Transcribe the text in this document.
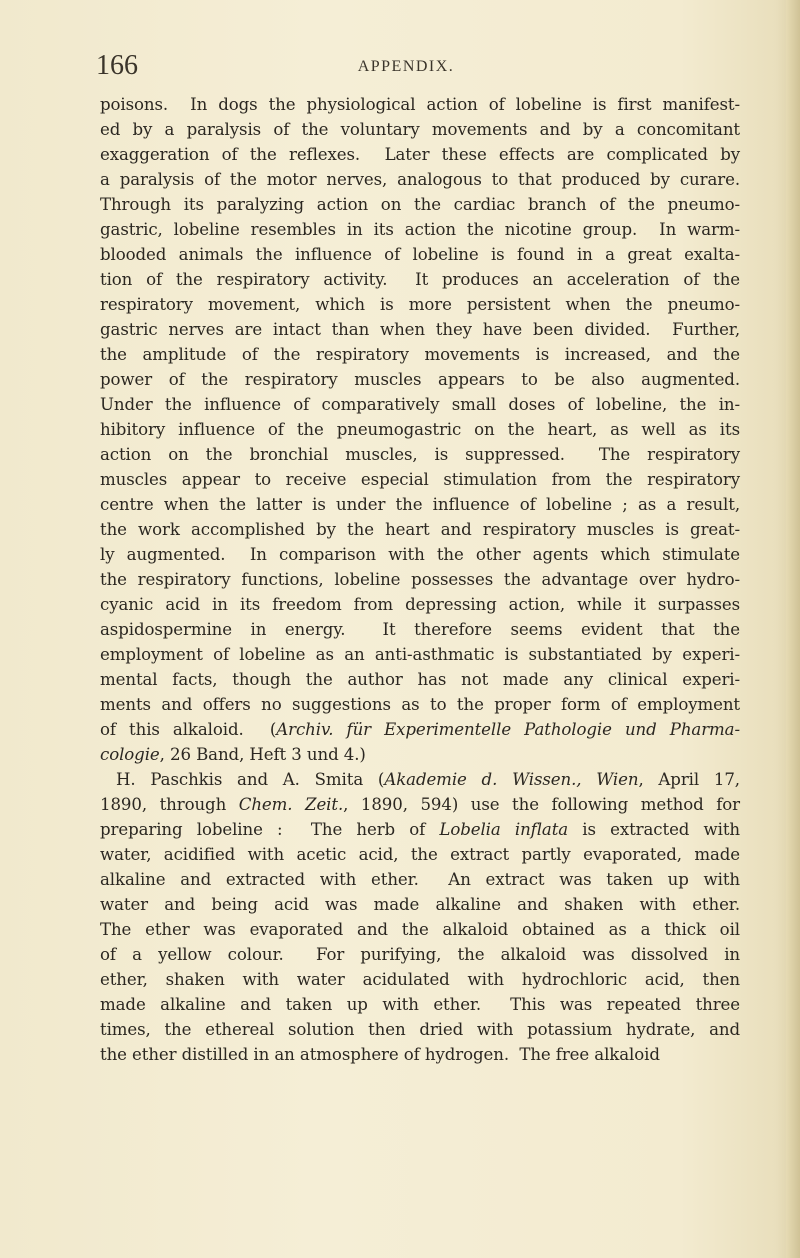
166	APPENDIX.
poisons.  In dogs the physiological action of lobeline is first manifest-
ed by a paralysis of the voluntary movements and by a concomitant
exaggeration of the reflexes.  Later these effects are complicated by
a paralysis of the motor nerves, analogous to that produced by curare.
Through its paralyzing action on the cardiac branch of the pneumo-
gastric, lobeline resembles in its action the nicotine group.  In warm-
blooded animals the influence of lobeline is found in a great exalta-
tion of the respiratory activity.  It produces an acceleration of the
respiratory movement, which is more persistent when the pneumo-
gastric nerves are intact than when they have been divided.  Further,
the amplitude of the respiratory movements is increased, and the
power of the respiratory muscles appears to be also augmented.
Under the influence of comparatively small doses of lobeline, the in-
hibitory influence of the pneumogastric on the heart, as well as its
action on the bronchial muscles, is suppressed.  The respiratory
muscles appear to receive especial stimulation from the respiratory
centre when the latter is under the influence of lobeline ; as a result,
the work accomplished by the heart and respiratory muscles is great-
ly augmented.  In comparison with the other agents which stimulate
the respiratory functions, lobeline possesses the advantage over hydro-
cyanic acid in its freedom from depressing action, while it surpasses
aspidospermine in energy.  It therefore seems evident that the
employment of lobeline as an anti-asthmatic is substantiated by experi-
mental facts, though the author has not made any clinical experi-
ments and offers no suggestions as to the proper form of employment
of this alkaloid.  (Archiv. für Experimentelle Pathologie und Pharma-
cologie, 26 Band, Heft 3 und 4.)
H. Paschkis and A. Smita (Akademie d. Wissen., Wien, April 17,
1890, through Chem. Zeit., 1890, 594) use the following method for
preparing lobeline :  The herb of Lobelia inflata is extracted with
water, acidified with acetic acid, the extract partly evaporated, made
alkaline and extracted with ether.  An extract was taken up with
water and being acid was made alkaline and shaken with ether.
The ether was evaporated and the alkaloid obtained as a thick oil
of a yellow colour.  For purifying, the alkaloid was dissolved in
ether, shaken with water acidulated with hydrochloric acid, then
made alkaline and taken up with ether.  This was repeated three
times, the ethereal solution then dried with potassium hydrate, and
the ether distilled in an atmosphere of hydrogen.  The free alkaloid
